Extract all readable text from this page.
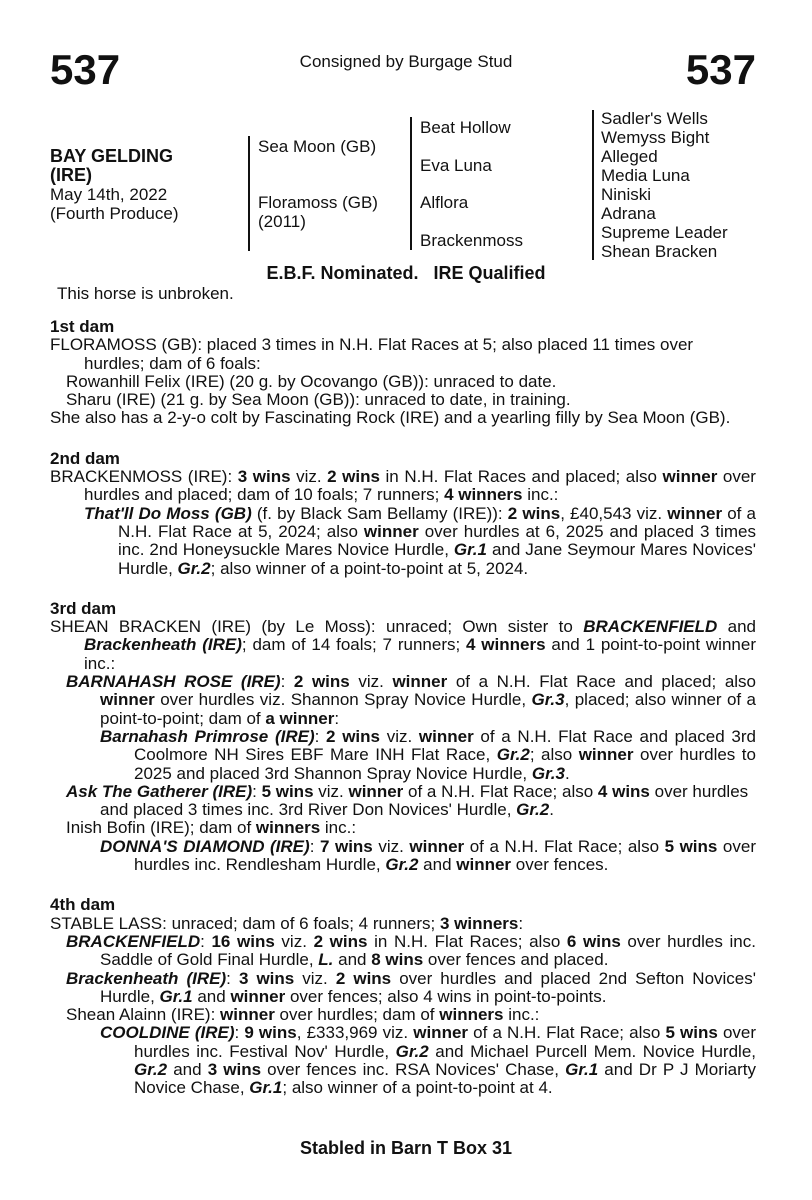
537	Consigned by Burgage Stud	537
BAY GELDING
(IRE)
May 14th, 2022
(Fourth Produce)
Sea Moon (GB)
Floramoss (GB)
(2011)
Beat Hollow
Eva Luna
Alflora
Brackenmoss
Sadler's Wells
Wemyss Bight
Alleged
Media Luna
Niniski
Adrana
Supreme Leader
Shean Bracken
E.B.F. Nominated.   IRE Qualified
This horse is unbroken.
1st dam
FLORAMOSS (GB): placed 3 times in N.H. Flat Races at 5; also placed 11 times over hurdles; dam of 6 foals:
Rowanhill Felix (IRE) (20 g. by Ocovango (GB)): unraced to date.
Sharu (IRE) (21 g. by Sea Moon (GB)): unraced to date, in training.
She also has a 2-y-o colt by Fascinating Rock (IRE) and a yearling filly by Sea Moon (GB).
2nd dam
BRACKENMOSS (IRE): 3 wins viz. 2 wins in N.H. Flat Races and placed; also winner over hurdles and placed; dam of 10 foals; 7 runners; 4 winners inc.:
That'll Do Moss (GB) (f. by Black Sam Bellamy (IRE)): 2 wins, £40,543 viz. winner of a N.H. Flat Race at 5, 2024; also winner over hurdles at 6, 2025 and placed 3 times inc. 2nd Honeysuckle Mares Novice Hurdle, Gr.1 and Jane Seymour Mares Novices' Hurdle, Gr.2; also winner of a point-to-point at 5, 2024.
3rd dam
SHEAN BRACKEN (IRE) (by Le Moss): unraced; Own sister to BRACKENFIELD and Brackenheath (IRE); dam of 14 foals; 7 runners; 4 winners and 1 point-to-point winner inc.:
BARNAHASH ROSE (IRE): 2 wins viz. winner of a N.H. Flat Race and placed; also winner over hurdles viz. Shannon Spray Novice Hurdle, Gr.3, placed; also winner of a point-to-point; dam of a winner:
Barnahash Primrose (IRE): 2 wins viz. winner of a N.H. Flat Race and placed 3rd Coolmore NH Sires EBF Mare INH Flat Race, Gr.2; also winner over hurdles to 2025 and placed 3rd Shannon Spray Novice Hurdle, Gr.3.
Ask The Gatherer (IRE): 5 wins viz. winner of a N.H. Flat Race; also 4 wins over hurdles and placed 3 times inc. 3rd River Don Novices' Hurdle, Gr.2.
Inish Bofin (IRE); dam of winners inc.:
DONNA'S DIAMOND (IRE): 7 wins viz. winner of a N.H. Flat Race; also 5 wins over hurdles inc. Rendlesham Hurdle, Gr.2 and winner over fences.
4th dam
STABLE LASS: unraced; dam of 6 foals; 4 runners; 3 winners:
BRACKENFIELD: 16 wins viz. 2 wins in N.H. Flat Races; also 6 wins over hurdles inc. Saddle of Gold Final Hurdle, L. and 8 wins over fences and placed.
Brackenheath (IRE): 3 wins viz. 2 wins over hurdles and placed 2nd Sefton Novices' Hurdle, Gr.1 and winner over fences; also 4 wins in point-to-points.
Shean Alainn (IRE): winner over hurdles; dam of winners inc.:
COOLDINE (IRE): 9 wins, £333,969 viz. winner of a N.H. Flat Race; also 5 wins over hurdles inc. Festival Nov' Hurdle, Gr.2 and Michael Purcell Mem. Novice Hurdle, Gr.2 and 3 wins over fences inc. RSA Novices' Chase, Gr.1 and Dr P J Moriarty Novice Chase, Gr.1; also winner of a point-to-point at 4.
Stabled in Barn T Box 31
